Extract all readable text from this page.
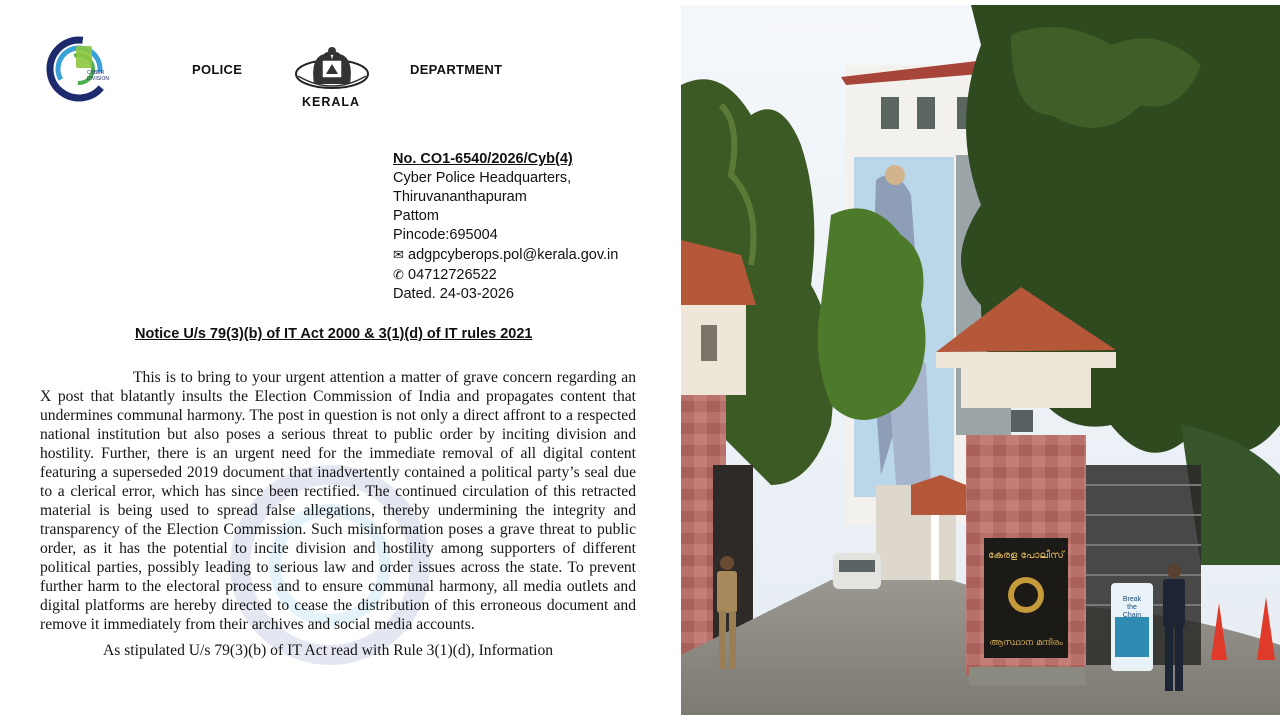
CYBER
DIVISION
POLICE
KERALA
DEPARTMENT
No. CO1-6540/2026/Cyb(4)
Cyber Police Headquarters,
Thiruvananthapuram
Pattom
Pincode:695004
✉ adgpcyberops.pol@kerala.gov.in
✆ 04712726522
Dated. 24-03-2026
Notice U/s 79(3)(b) of IT Act 2000 & 3(1)(d) of IT rules 2021

This is to bring to your urgent attention a matter of grave concern regarding an X post that blatantly insults the Election Commission of India and propagates content that undermines communal harmony. The post in question is not only a direct affront to a respected national institution but also poses a serious threat to public order by inciting division and hostility. Further, there is an urgent need for the immediate removal of all digital content featuring a superseded 2019 document that inadvertently contained a political party’s seal due to a clerical error, which has since been rectified. The continued circulation of this retracted material is being used to spread false allegations, thereby undermining the integrity and transparency of the Election Commission. Such misinformation poses a grave threat to public order, as it has the potential to incite division and hostility among supporters of different political parties, possibly leading to serious law and order issues across the state. To prevent further harm to the electoral process and to ensure communal harmony, all media outlets and digital platforms are hereby directed to cease the distribution of this erroneous document and remove it immediately from their archives and social media accounts.

As stipulated U/s 79(3)(b) of IT Act read with Rule 3(1)(d), Information

കേരള പോലീസ്
ആസ്ഥാന മന്ദിരം
Break
the
Chain
